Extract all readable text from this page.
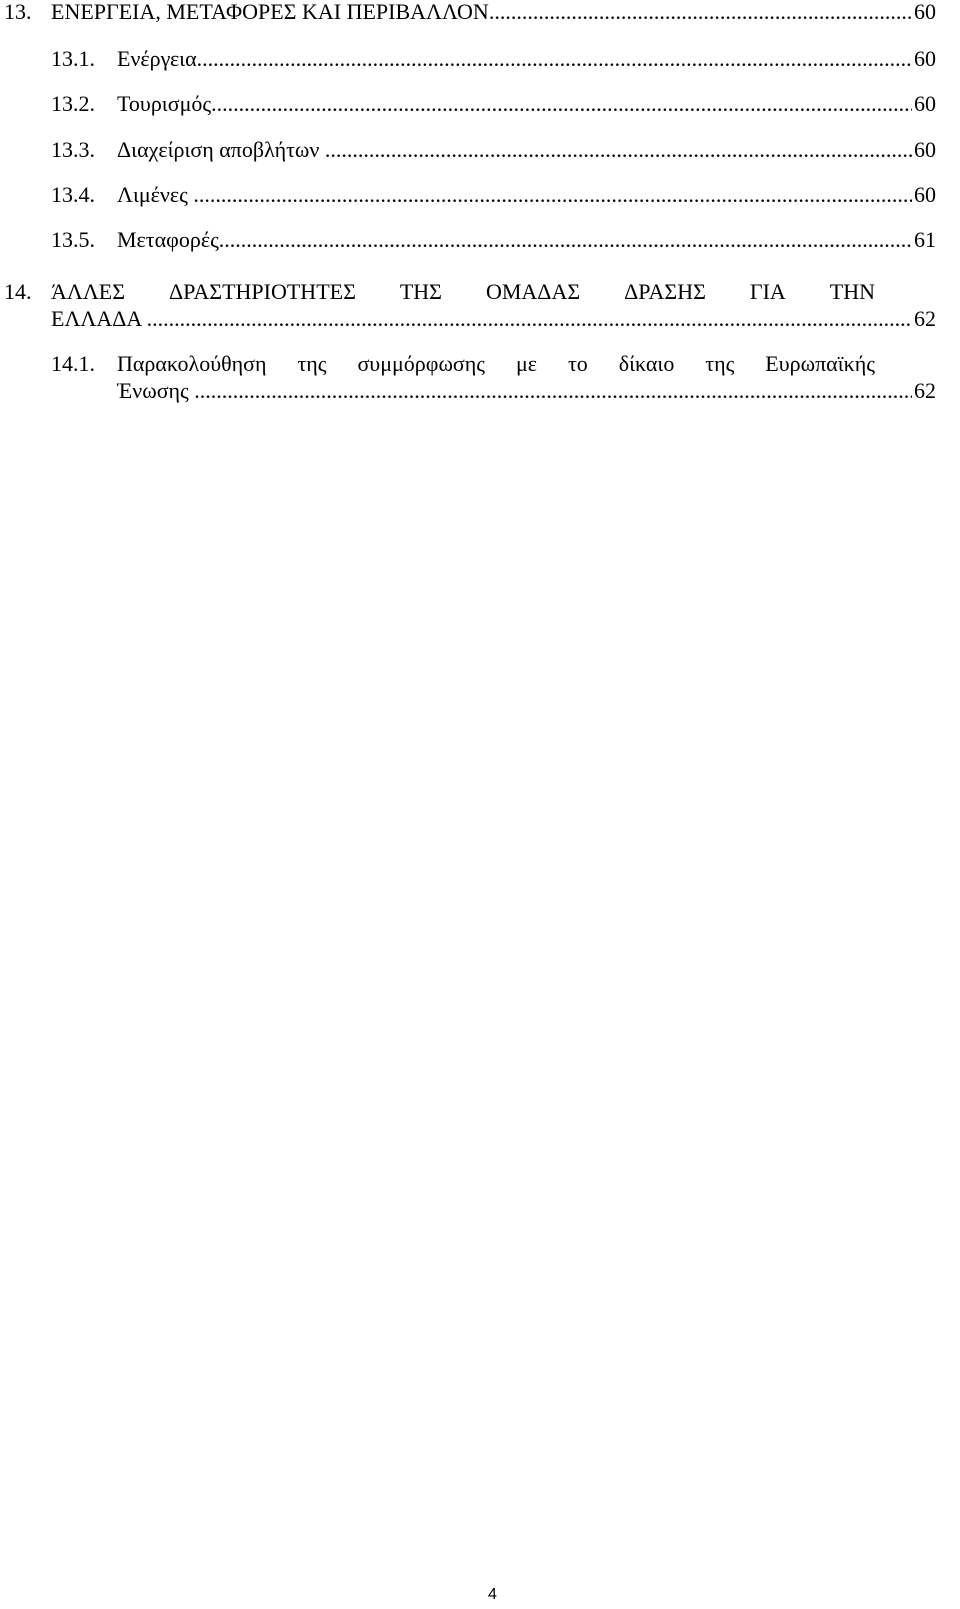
13. ΕΝΕΡΓΕΙΑ, ΜΕΤΑΦΟΡΕΣ ΚΑΙ ΠΕΡΙΒΑΛΛΟΝ .....	60
13.1. Ενέργεια .....	60
13.2. Τουρισμός .....	60
13.3. Διαχείριση αποβλήτων .....	60
13.4. Λιμένες .....	60
13.5. Μεταφορές .....	61
14. ΆΛΛΕΣ ΔΡΑΣΤΗΡΙΟΤΗΤΕΣ ΤΗΣ ΟΜΑΔΑΣ ΔΡΑΣΗΣ ΓΙΑ ΤΗΝ
ΕΛΛΑΔΑ .....	62
14.1. Παρακολούθηση της συμμόρφωσης με το δίκαιο της Ευρωπαϊκής
Ένωσης .....	62
4
